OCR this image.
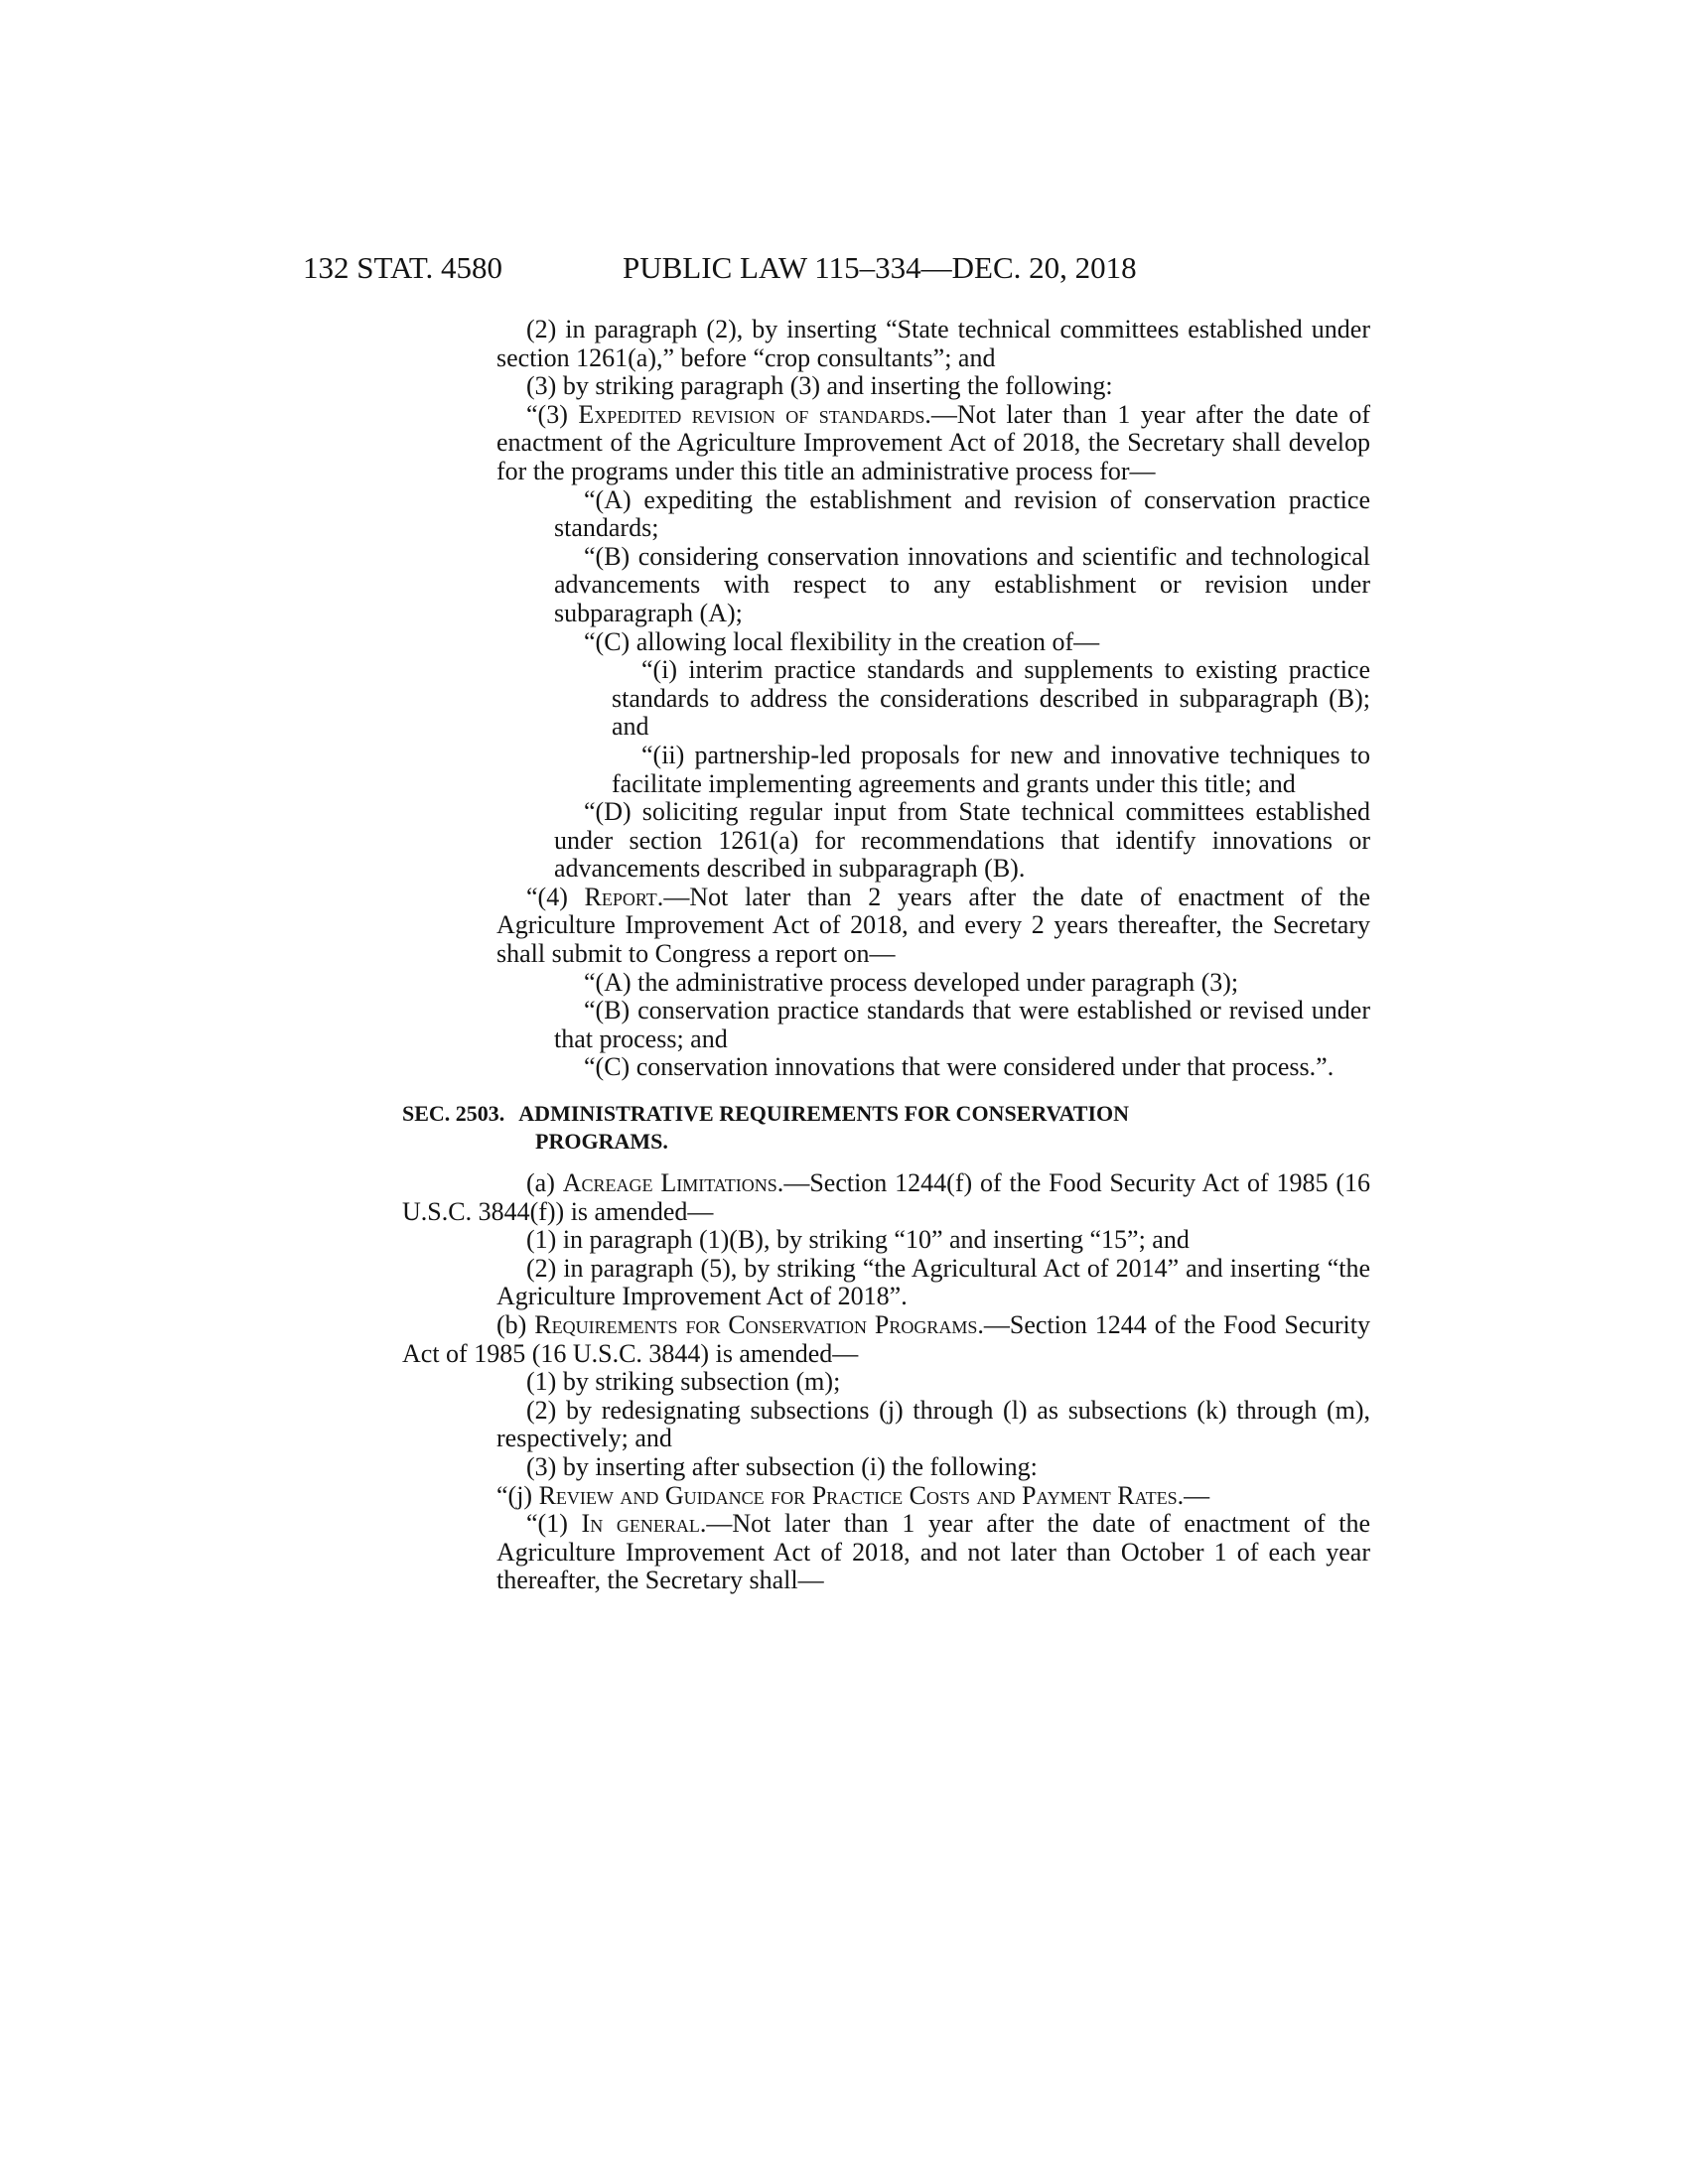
132 STAT. 4580	PUBLIC LAW 115–334—DEC. 20, 2018

(2) in paragraph (2), by inserting “State technical committees established under section 1261(a),” before “crop consultants”; and

(3) by striking paragraph (3) and inserting the following:

“(3) Expedited revision of standards.—Not later than 1 year after the date of enactment of the Agriculture Improvement Act of 2018, the Secretary shall develop for the programs under this title an administrative process for—

“(A) expediting the establishment and revision of conservation practice standards;

“(B) considering conservation innovations and scientific and technological advancements with respect to any establishment or revision under subparagraph (A);

“(C) allowing local flexibility in the creation of—

“(i) interim practice standards and supplements to existing practice standards to address the considerations described in subparagraph (B); and

“(ii) partnership-led proposals for new and innovative techniques to facilitate implementing agreements and grants under this title; and

“(D) soliciting regular input from State technical committees established under section 1261(a) for recommendations that identify innovations or advancements described in subparagraph (B).

“(4) Report.—Not later than 2 years after the date of enactment of the Agriculture Improvement Act of 2018, and every 2 years thereafter, the Secretary shall submit to Congress a report on—

“(A) the administrative process developed under paragraph (3);

“(B) conservation practice standards that were established or revised under that process; and

“(C) conservation innovations that were considered under that process.”.

SEC. 2503. ADMINISTRATIVE REQUIREMENTS FOR CONSERVATION
PROGRAMS.

(a) Acreage Limitations.—Section 1244(f) of the Food Security Act of 1985 (16 U.S.C. 3844(f)) is amended—

(1) in paragraph (1)(B), by striking “10” and inserting “15”; and

(2) in paragraph (5), by striking “the Agricultural Act of 2014” and inserting “the Agriculture Improvement Act of 2018”.

(b) Requirements for Conservation Programs.—Section 1244 of the Food Security Act of 1985 (16 U.S.C. 3844) is amended—

(1) by striking subsection (m);

(2) by redesignating subsections (j) through (l) as subsections (k) through (m), respectively; and

(3) by inserting after subsection (i) the following:

“(j) Review and Guidance for Practice Costs and Payment Rates.—

“(1) In general.—Not later than 1 year after the date of enactment of the Agriculture Improvement Act of 2018, and not later than October 1 of each year thereafter, the Secretary shall—
